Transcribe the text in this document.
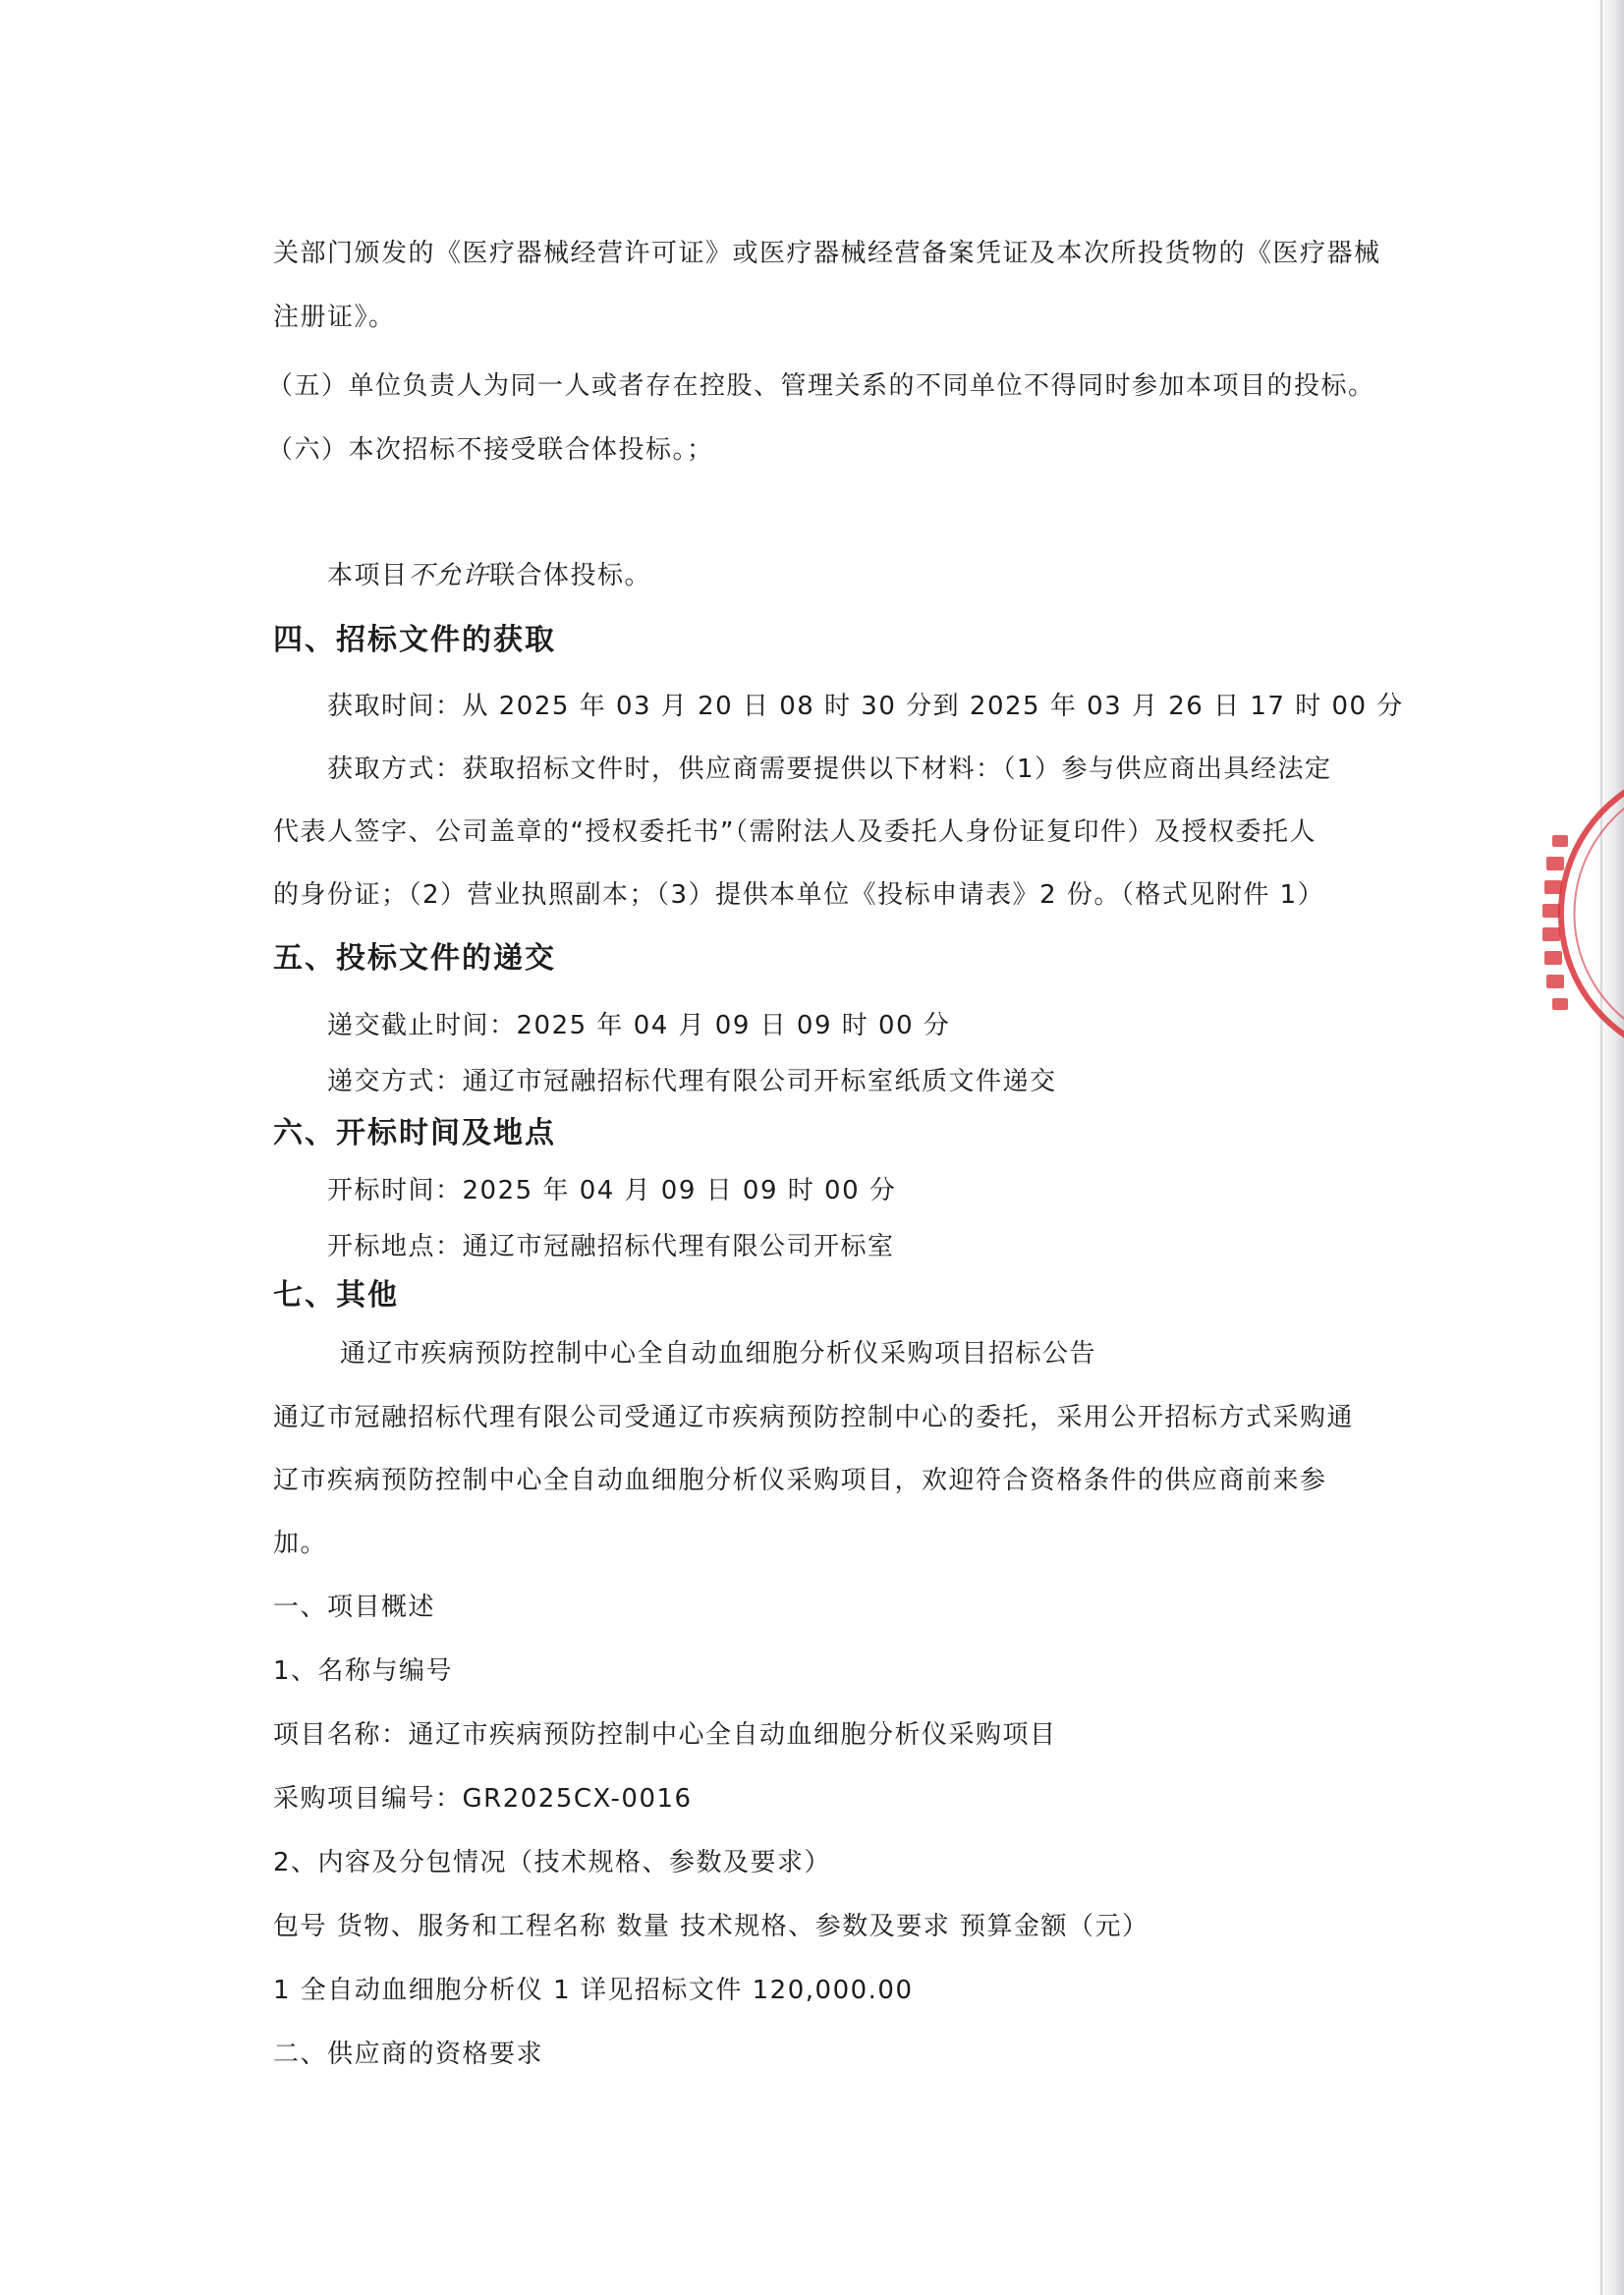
关部门颁发的《医疗器械经营许可证》或医疗器械经营备案凭证及本次所投货物的《医疗器械
注册证》。
（五）单位负责人为同一人或者存在控股、管理关系的不同单位不得同时参加本项目的投标。
（六）本次招标不接受联合体投标。；
本项目不允许联合体投标。
四、招标文件的获取
获取时间：从 2025 年 03 月 20 日 08 时 30 分到 2025 年 03 月 26 日 17 时 00 分
获取方式：获取招标文件时，供应商需要提供以下材料：（1）参与供应商出具经法定
代表人签字、公司盖章的“授权委托书”（需附法人及委托人身份证复印件）及授权委托人
的身份证；（2）营业执照副本；（3）提供本单位《投标申请表》2 份。（格式见附件 1）
五、投标文件的递交
递交截止时间：2025 年 04 月 09 日 09 时 00 分
递交方式：通辽市冠融招标代理有限公司开标室纸质文件递交
六、开标时间及地点
开标时间：2025 年 04 月 09 日 09 时 00 分
开标地点：通辽市冠融招标代理有限公司开标室
七、其他
通辽市疾病预防控制中心全自动血细胞分析仪采购项目招标公告
通辽市冠融招标代理有限公司受通辽市疾病预防控制中心的委托，采用公开招标方式采购通
辽市疾病预防控制中心全自动血细胞分析仪采购项目，欢迎符合资格条件的供应商前来参
加。
一、项目概述
1、名称与编号
项目名称：通辽市疾病预防控制中心全自动血细胞分析仪采购项目
采购项目编号：GR2025CX-0016
2、内容及分包情况（技术规格、参数及要求）
包号 货物、服务和工程名称 数量 技术规格、参数及要求 预算金额（元）
1 全自动血细胞分析仪 1 详见招标文件 120,000.00
二、供应商的资格要求
